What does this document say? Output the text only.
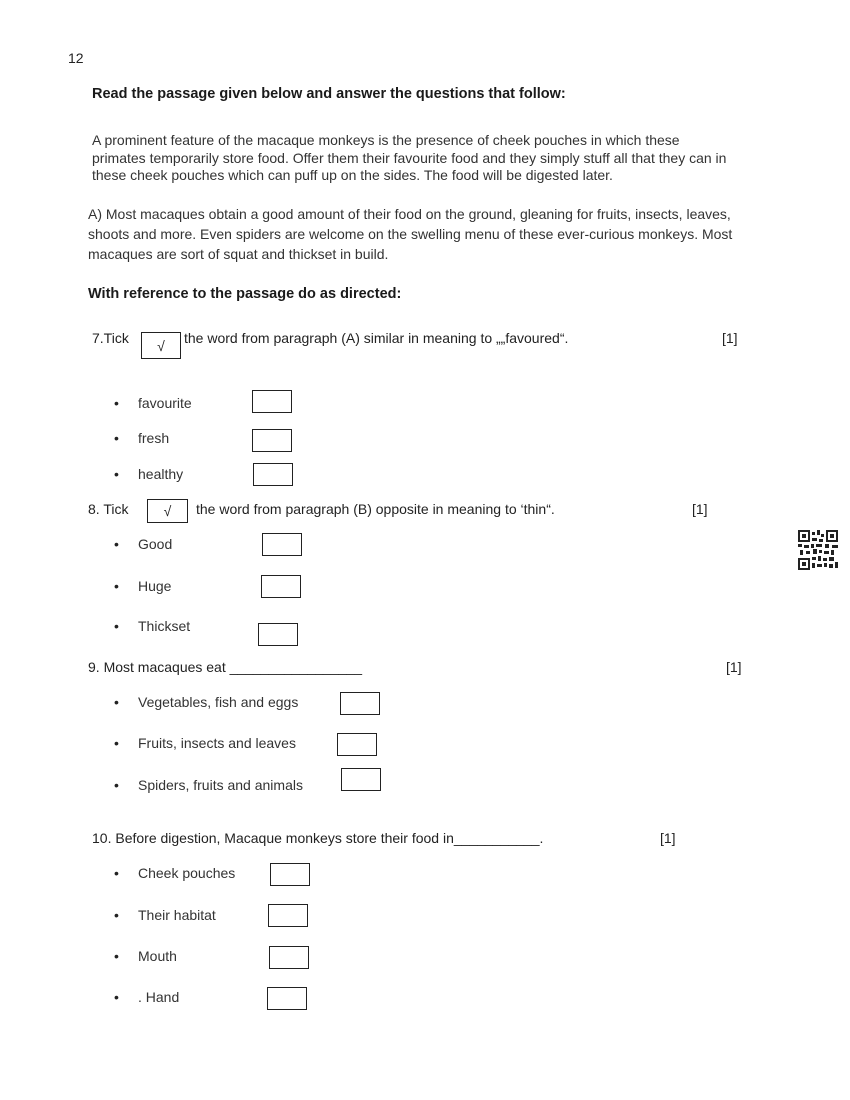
12
Read the passage given below and answer the questions that follow:
A prominent feature of the macaque monkeys is the presence of cheek pouches in which these
primates temporarily store food. Offer them their favourite food and they simply stuff all that they can in
these cheek pouches which can puff up on the sides. The food will be digested later.
A) Most macaques obtain a good amount of their food on the ground, gleaning for fruits, insects, leaves,
shoots and more. Even spiders are welcome on the swelling menu of these ever-curious monkeys. Most
macaques are sort of squat and thickset in build.
With reference to the passage do as directed:
7.Tick √ the word from paragraph (A) similar in meaning to „„favoured“.	[1]
• favourite
• fresh
• healthy
8. Tick	√ the word from paragraph (B) opposite in meaning to ‘thin“.	[1]
• Good
• Huge
• Thickset
9. Most macaques eat _________________	[1]
• Vegetables, fish and eggs
• Fruits, insects and leaves
• Spiders, fruits and animals
10. Before digestion, Macaque monkeys store their food in___________.	[1]
• Cheek pouches
• Their habitat
• Mouth
• . Hand
